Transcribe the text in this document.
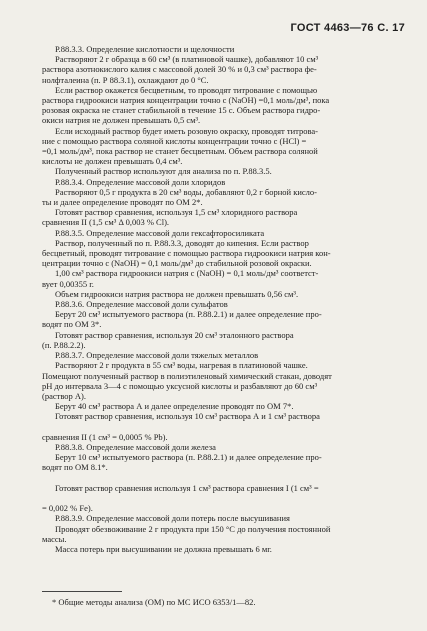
ГОСТ 4463—76 С. 17
Р.88.3.3. Определение кислотности и щелочности
Растворяют 2 г образца в 60 см³ (в платиновой чашке), добавляют 10 см³
раствора азотнокислого калия с массовой долей 30 % и 0,3 см³ раствора фе-
нолфталеина (п. Р 88.3.1), охлаждают до 0 °C.
Если раствор окажется бесцветным, то проводят титрование с помощью
раствора гидроокиси натрия концентрации точно c (NaOH) =0,1 моль/дм³, пока
розовая окраска не станет стабильной в течение 15 с. Объем раствора гидро-
окиси натрия не должен превышать 0,5 см³.
Если исходный раствор будет иметь розовую окраску, проводят титрова-
ние с помощью раствора соляной кислоты концентрации точно c (HCl) =
=0,1 моль/дм³, пока раствор не станет бесцветным. Объем раствора соляной
кислоты не должен превышать 0,4 см³.
Полученный раствор используют для анализа по п. Р.88.3.5.
Р.88.3.4. Определение массовой доли хлоридов
Растворяют 0,5 г продукта в 20 см³ воды, добавляют 0,2 г борной кисло-
ты и далее определение проводят по ОМ 2*.
Готовят раствор сравнения, используя 1,5 см³ хлоридного раствора
сравнения II (1,5 см³ Δ 0,003 % Cl).
Р.88.3.5. Определение массовой доли гексафторосиликата
Раствор, полученный по п. Р.88.3.3, доводят до кипения. Если раствор
бесцветный, проводят титрование с помощью раствора гидроокиси натрия кон-
центрации точно c (NaOH) = 0,1 моль/дм³ до стабильной розовой окраски.
1,00 см³ раствора гидроокиси натрия c (NaOH) = 0,1 моль/дм³ соответст-
вует 0,00355 г.
Объем гидроокиси натрия раствора не должен превышать 0,56 см³.
Р.88.3.6. Определение массовой доли сульфатов
Берут 20 см³ испытуемого раствора (п. Р.88.2.1) и далее определение про-
водят по ОМ 3*.
Готовят раствор сравнения, используя 20 см³ эталонного раствора
(п. Р.88.2.2).
Р.88.3.7. Определение массовой доли тяжелых металлов
Растворяют 2 г продукта в 55 см³ воды, нагревая в платиновой чашке.
Помещают полученный раствор в полиэтиленовый химический стакан, доводят
pH до интервала 3—4 с помощью уксусной кислоты и разбавляют до 60 см³
(раствор А).
Берут 40 см³ раствора А и далее определение проводят по ОМ 7*.
Готовят раствор сравнения, используя 10 см³ раствора А и 1 см³ раствора

сравнения II (1 см³ = 0,0005 % Pb).
Р.88.3.8. Определение массовой доли железа
Берут 10 см³ испытуемого раствора (п. Р.88.2.1) и далее определение про-
водят по ОМ 8.1*.

Готовят раствор сравнения используя 1 см³ раствора сравнения I (1 см³ =

= 0,002 % Fe).
Р.88.3.9. Определение массовой доли потерь после высушивания
Проводят обезвоживание 2 г продукта при 150 °C до получения постоянной
массы.
Масса потерь при высушивании не должна превышать 6 мг.
* Общие методы анализа (ОМ) по МС ИСО 6353/1—82.
